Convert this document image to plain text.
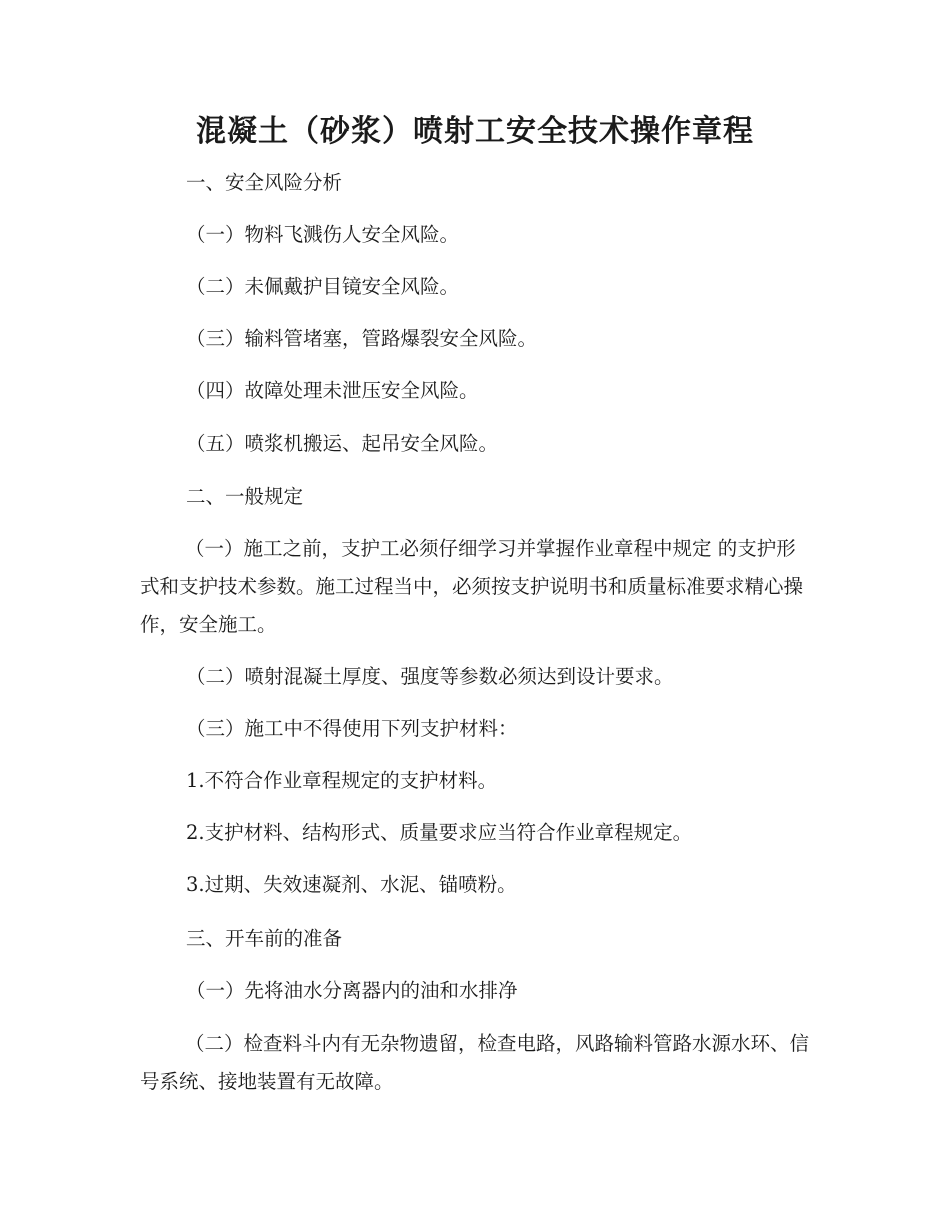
混凝土（砂浆）喷射工安全技术操作章程

一、安全风险分析

（一）物料飞溅伤人安全风险。

（二）未佩戴护目镜安全风险。

（三）输料管堵塞，管路爆裂安全风险。

（四）故障处理未泄压安全风险。

（五）喷浆机搬运、起吊安全风险。

二、一般规定

（一）施工之前，支护工必须仔细学习并掌握作业章程中规定 的支护形式和支护技术参数。施工过程当中，必须按支护说明书和质量标准要求精心操作，安全施工。

（二）喷射混凝土厚度、强度等参数必须达到设计要求。

（三）施工中不得使用下列支护材料：

1.不符合作业章程规定的支护材料。

2.支护材料、结构形式、质量要求应当符合作业章程规定。

3.过期、失效速凝剂、水泥、锚喷粉。

三、开车前的准备

（一）先将油水分离器内的油和水排净

（二）检查料斗内有无杂物遗留，检查电路，风路输料管路水源水环、信号系统、接地装置有无故障。
